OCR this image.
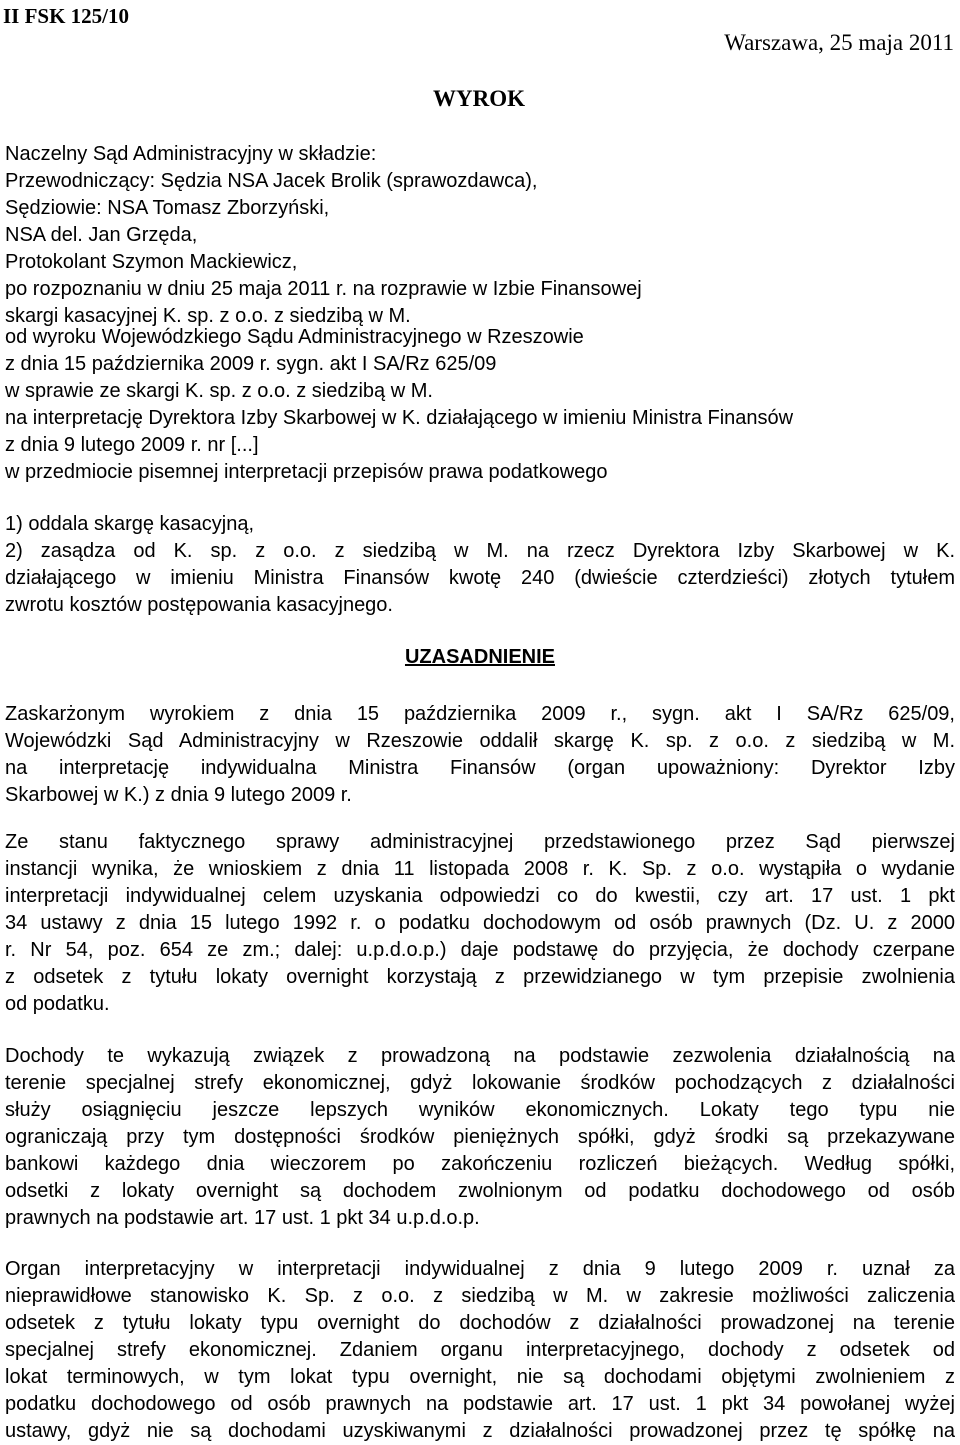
II FSK 125/10
Warszawa, 25 maja 2011
WYROK
Naczelny Sąd Administracyjny w składzie:
Przewodniczący: Sędzia NSA Jacek Brolik (sprawozdawca),
Sędziowie: NSA Tomasz Zborzyński,
NSA del. Jan Grzęda,
Protokolant Szymon Mackiewicz,
po rozpoznaniu w dniu 25 maja 2011 r. na rozprawie w Izbie Finansowej
skargi kasacyjnej K. sp. z o.o. z siedzibą w M.
od wyroku Wojewódzkiego Sądu Administracyjnego w Rzeszowie
z dnia 15 października 2009 r. sygn. akt I SA/Rz 625/09
w sprawie ze skargi K. sp. z o.o. z siedzibą w M.
na interpretację Dyrektora Izby Skarbowej w K. działającego w imieniu Ministra Finansów
z dnia 9 lutego 2009 r. nr [...]
w przedmiocie pisemnej interpretacji przepisów prawa podatkowego
1) oddala skargę kasacyjną,
2) zasądza od K. sp. z o.o. z siedzibą w M. na rzecz Dyrektora Izby Skarbowej w K.
działającego w imieniu Ministra Finansów kwotę 240 (dwieście czterdzieści) złotych tytułem
zwrotu kosztów postępowania kasacyjnego.
UZASADNIENIE
Zaskarżonym wyrokiem z dnia 15 października 2009 r., sygn. akt I SA/Rz 625/09,
Wojewódzki Sąd Administracyjny w Rzeszowie oddalił skargę K. sp. z o.o. z siedzibą w M.
na interpretację indywidualna Ministra Finansów (organ upoważniony: Dyrektor Izby
Skarbowej w K.) z dnia 9 lutego 2009 r.
Ze stanu faktycznego sprawy administracyjnej przedstawionego przez Sąd pierwszej
instancji wynika, że wnioskiem z dnia 11 listopada 2008 r. K. Sp. z o.o. wystąpiła o wydanie
interpretacji indywidualnej celem uzyskania odpowiedzi co do kwestii, czy art. 17 ust. 1 pkt
34 ustawy z dnia 15 lutego 1992 r. o podatku dochodowym od osób prawnych (Dz. U. z 2000
r. Nr 54, poz. 654 ze zm.; dalej: u.p.d.o.p.) daje podstawę do przyjęcia, że dochody czerpane
z odsetek z tytułu lokaty overnight korzystają z przewidzianego w tym przepisie zwolnienia
od podatku.
Dochody te wykazują związek z prowadzoną na podstawie zezwolenia działalnością na
terenie specjalnej strefy ekonomicznej, gdyż lokowanie środków pochodzących z działalności
służy osiągnięciu jeszcze lepszych wyników ekonomicznych. Lokaty tego typu nie
ograniczają przy tym dostępności środków pieniężnych spółki, gdyż środki są przekazywane
bankowi każdego dnia wieczorem po zakończeniu rozliczeń bieżących. Według spółki,
odsetki z lokaty overnight są dochodem zwolnionym od podatku dochodowego od osób
prawnych na podstawie art. 17 ust. 1 pkt 34 u.p.d.o.p.
Organ interpretacyjny w interpretacji indywidualnej z dnia 9 lutego 2009 r. uznał za
nieprawidłowe stanowisko K. Sp. z o.o. z siedzibą w M. w zakresie możliwości zaliczenia
odsetek z tytułu lokaty typu overnight do dochodów z działalności prowadzonej na terenie
specjalnej strefy ekonomicznej. Zdaniem organu interpretacyjnego, dochody z odsetek od
lokat terminowych, w tym lokat typu overnight, nie są dochodami objętymi zwolnieniem z
podatku dochodowego od osób prawnych na podstawie art. 17 ust. 1 pkt 34 powołanej wyżej
ustawy, gdyż nie są dochodami uzyskiwanymi z działalności prowadzonej przez tę spółkę na
